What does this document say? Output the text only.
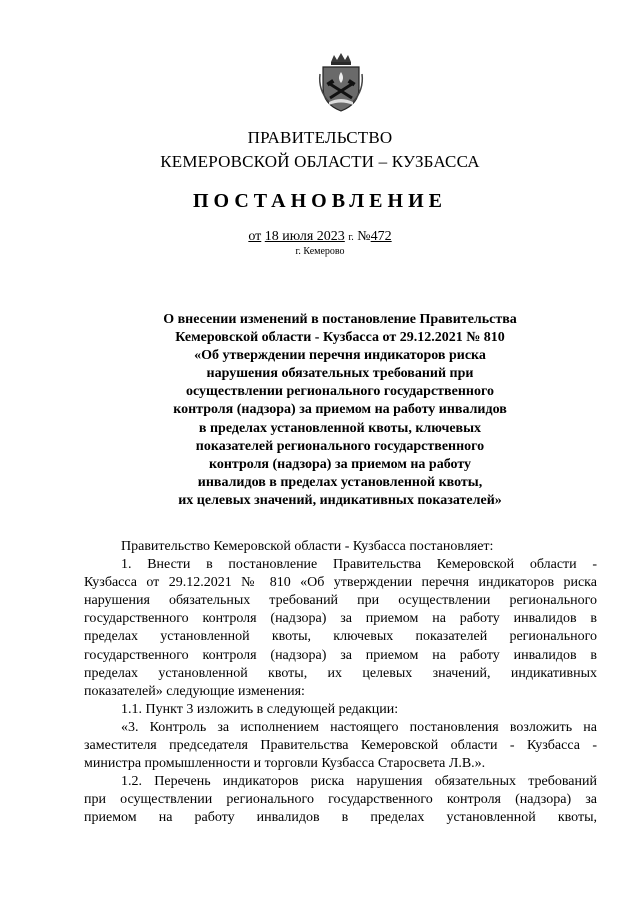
ПРАВИТЕЛЬСТВО
КЕМЕРОВСКОЙ ОБЛАСТИ – КУЗБАССА
ПОСТАНОВЛЕНИЕ
от 18 июля 2023 г. №472
г. Кемерово
О внесении изменений в постановление Правительства
Кемеровской области - Кузбасса от 29.12.2021 № 810
«Об утверждении перечня индикаторов риска
нарушения обязательных требований при
осуществлении регионального государственного
контроля (надзора) за приемом на работу инвалидов
в пределах установленной квоты, ключевых
показателей регионального государственного
контроля (надзора) за приемом на работу
инвалидов в пределах установленной квоты,
их целевых значений, индикативных показателей»
Правительство Кемеровской области - Кузбасса постановляет:
1. Внести в постановление Правительства Кемеровской области -
Кузбасса от 29.12.2021 № 810 «Об утверждении перечня индикаторов риска
нарушения обязательных требований при осуществлении регионального
государственного контроля (надзора) за приемом на работу инвалидов в
пределах установленной квоты, ключевых показателей регионального
государственного контроля (надзора) за приемом на работу инвалидов в
пределах установленной квоты, их целевых значений, индикативных
показателей» следующие изменения:
1.1. Пункт 3 изложить в следующей редакции:
«3. Контроль за исполнением настоящего постановления возложить на
заместителя председателя Правительства Кемеровской области - Кузбасса -
министра промышленности и торговли Кузбасса Старосвета Л.В.».
1.2. Перечень индикаторов риска нарушения обязательных требований
при осуществлении регионального государственного контроля (надзора) за
приемом на работу инвалидов в пределах установленной квоты,
